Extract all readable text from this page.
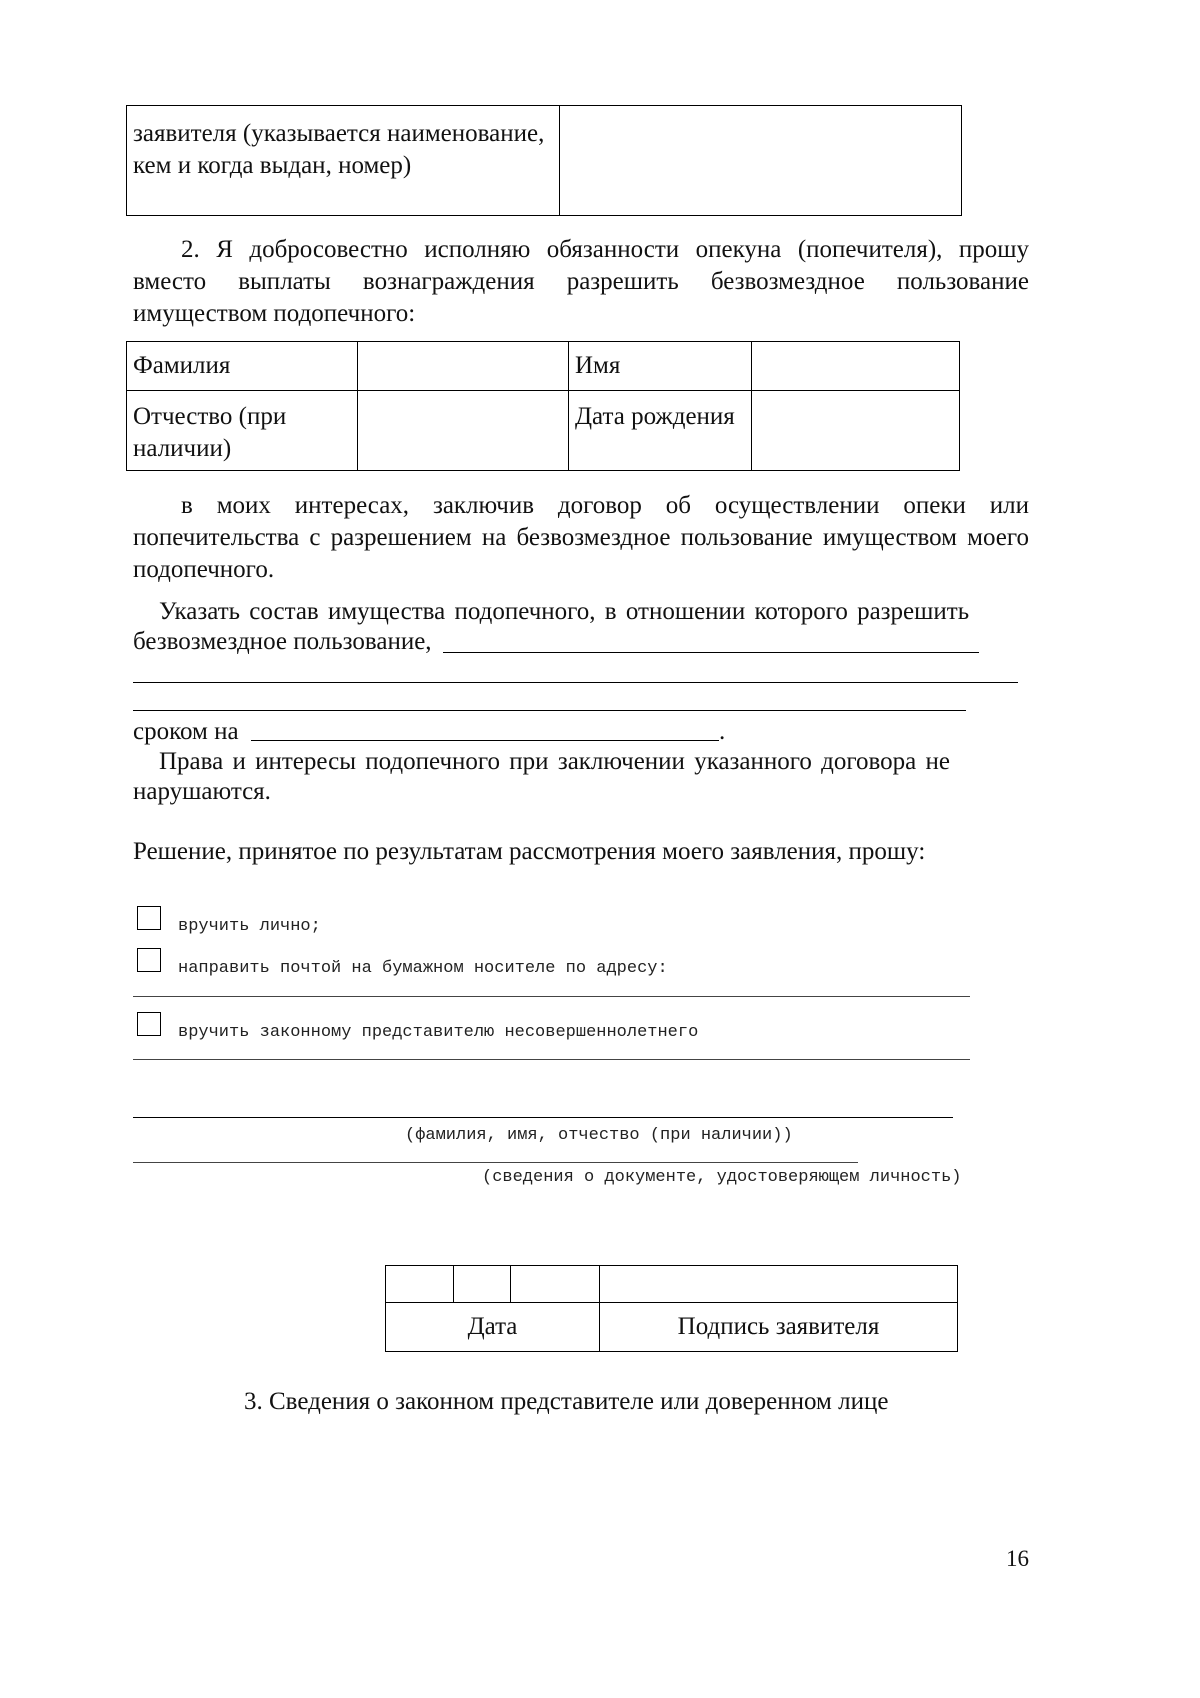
заявителя (указывается наименование, кем и когда выдан, номер)	
2. Я добросовестно исполняю обязанности опекуна (попечителя), прошу вместо выплаты вознаграждения разрешить безвозмездное пользование имуществом подопечного:
Фамилия		Имя	
Отчество (при наличии)		Дата рождения	
в моих интересах, заключив договор об осуществлении опеки или попечительства с разрешением на безвозмездное пользование имуществом моего подопечного.
Указать состав имущества подопечного, в отношении которого разрешить
безвозмездное пользование,
сроком на	.
Права и интересы подопечного при заключении указанного договора не
нарушаются.
Решение, принятое по результатам рассмотрения моего заявления, прошу:
вручить лично;
направить почтой на бумажном носителе по адресу:
вручить законному представителю несовершеннолетнего
(фамилия, имя, отчество (при наличии))
(сведения о документе, удостоверяющем личность)

Дата			Подпись заявителя
3. Сведения о законном представителе или доверенном лице
16
